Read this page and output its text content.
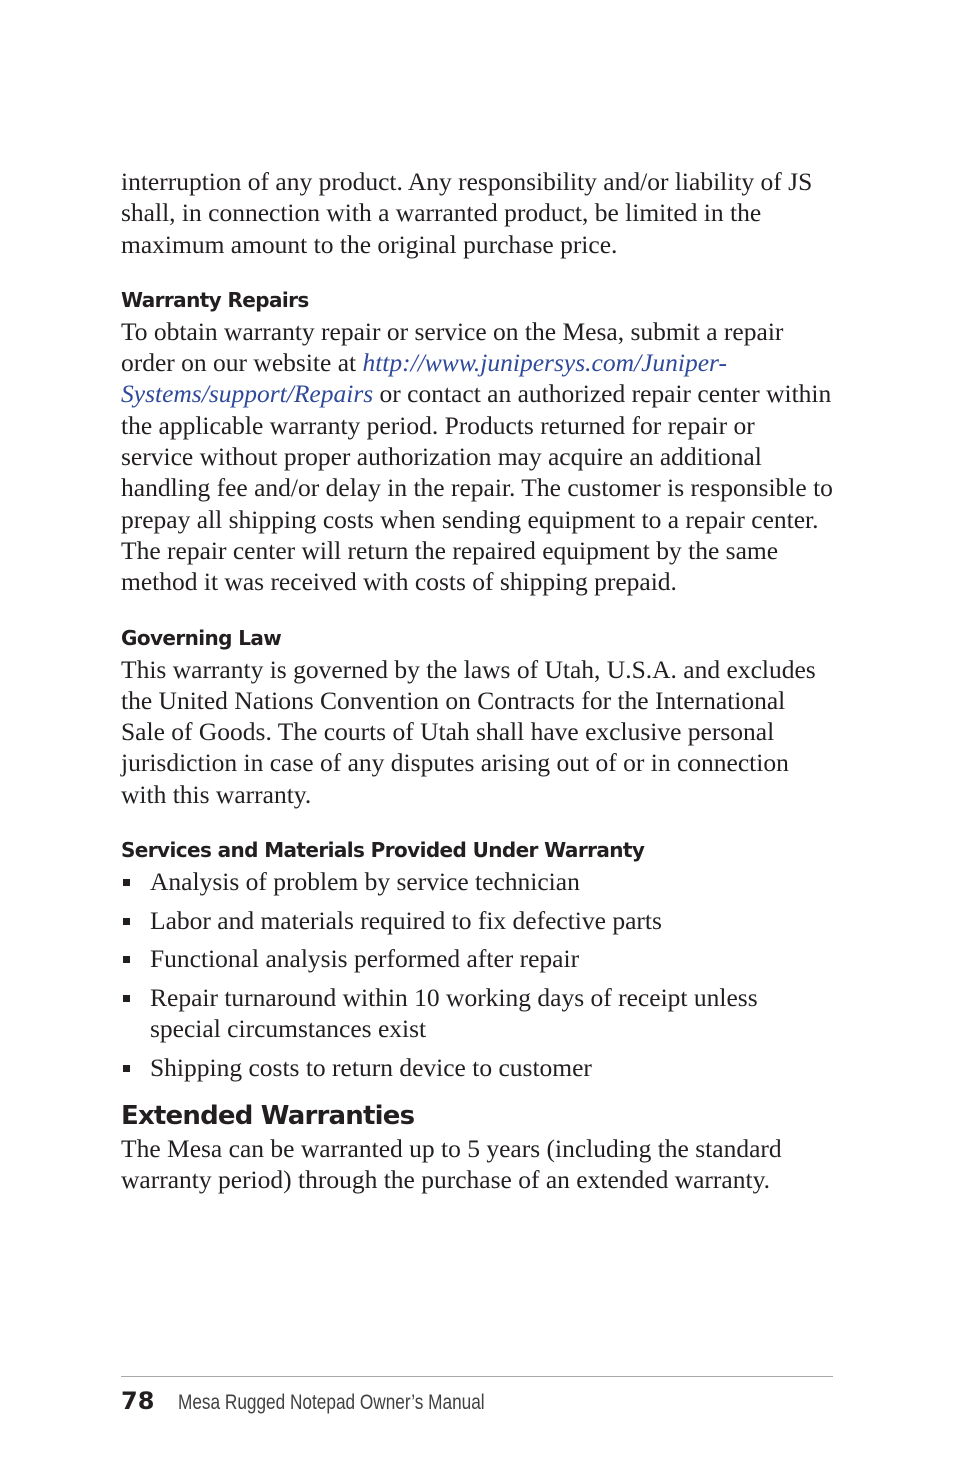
interruption of any product. Any responsibility and/or liability of JS shall, in connection with a warranted product, be limited in the maximum amount to the original purchase price.

Warranty Repairs

To obtain warranty repair or service on the Mesa, submit a repair order on our website at http://www.junipersys.com/Juniper-Systems/support/Repairs or contact an authorized repair center within the applicable warranty period. Products returned for repair or service without proper authorization may acquire an additional handling fee and/or delay in the repair. The customer is responsible to prepay all shipping costs when sending equipment to a repair center. The repair center will return the repaired equipment by the same method it was received with costs of shipping prepaid.

Governing Law

This warranty is governed by the laws of Utah, U.S.A. and excludes the United Nations Convention on Contracts for the International Sale of Goods. The courts of Utah shall have exclusive personal jurisdiction in case of any disputes arising out of or in connection with this warranty.

Services and Materials Provided Under Warranty
Analysis of problem by service technician
Labor and materials required to fix defective parts
Functional analysis performed after repair
Repair turnaround within 10 working days of receipt unless special circumstances exist
Shipping costs to return device to customer
Extended Warranties

The Mesa can be warranted up to 5 years (including the standard warranty period) through the purchase of an extended warranty.

78 Mesa Rugged Notepad Owner’s Manual
